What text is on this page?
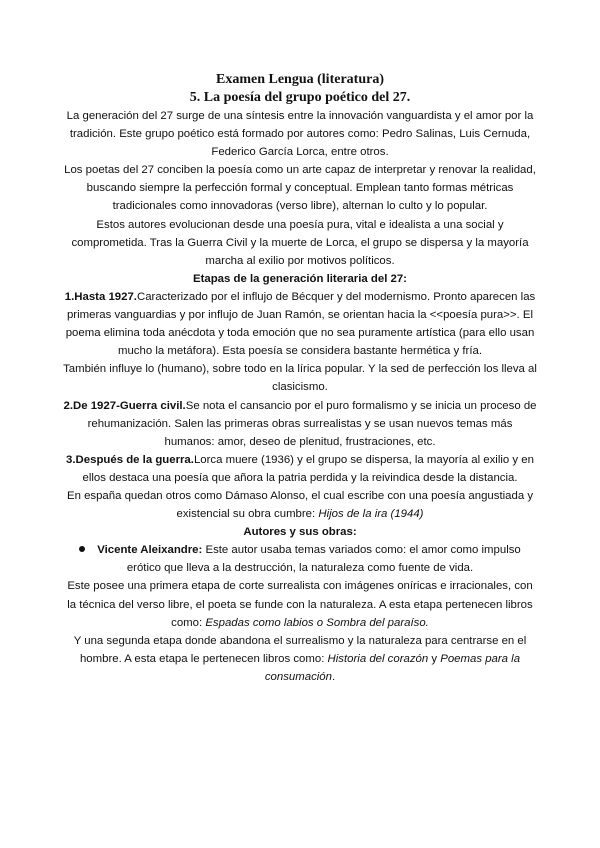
Examen Lengua (literatura)
5. La poesía del grupo poético del 27.

La generación del 27 surge de una síntesis entre la innovación vanguardista y el amor por la tradición. Este grupo poético está formado por autores como: Pedro Salinas, Luis Cernuda, Federico García Lorca, entre otros.

Los poetas del 27 conciben la poesía como un arte capaz de interpretar y renovar la realidad, buscando siempre la perfección formal y conceptual. Emplean tanto formas métricas tradicionales como innovadoras (verso libre), alternan lo culto y lo popular.

Estos autores evolucionan desde una poesía pura, vital e idealista a una social y comprometida. Tras la Guerra Civil y la muerte de Lorca, el grupo se dispersa y la mayoría marcha al exilio por motivos políticos.

Etapas de la generación literaria del 27:

1.Hasta 1927.Caracterizado por el influjo de Bécquer y del modernismo. Pronto aparecen las primeras vanguardias y por influjo de Juan Ramón, se orientan hacia la <<poesía pura>>. El poema elimina toda anécdota y toda emoción que no sea puramente artística (para ello usan mucho la metáfora). Esta poesía se considera bastante hermética y fría.

También influye lo (humano), sobre todo en la lírica popular. Y la sed de perfección los lleva al clasicismo.

2.De 1927-Guerra civil.Se nota el cansancio por el puro formalismo y se inicia un proceso de rehumanización. Salen las primeras obras surrealistas y se usan nuevos temas más humanos: amor, deseo de plenitud, frustraciones, etc.

3.Después de la guerra.Lorca muere (1936) y el grupo se dispersa, la mayoría al exilio y en ellos destaca una poesía que añora la patria perdida y la reivindica desde la distancia.

En españa quedan otros como Dámaso Alonso, el cual escribe con una poesía angustiada y existencial su obra cumbre: Hijos de la ira (1944)

Autores y sus obras:

Vicente Aleixandre: Este autor usaba temas variados como: el amor como impulso erótico que lleva a la destrucción, la naturaleza como fuente de vida.

Este posee una primera etapa de corte surrealista con imágenes oníricas e irracionales, con la técnica del verso libre, el poeta se funde con la naturaleza. A esta etapa pertenecen libros como: Espadas como labios o Sombra del paraíso.

Y una segunda etapa donde abandona el surrealismo y la naturaleza para centrarse en el hombre. A esta etapa le pertenecen libros como: Historia del corazón y Poemas para la consumación.
